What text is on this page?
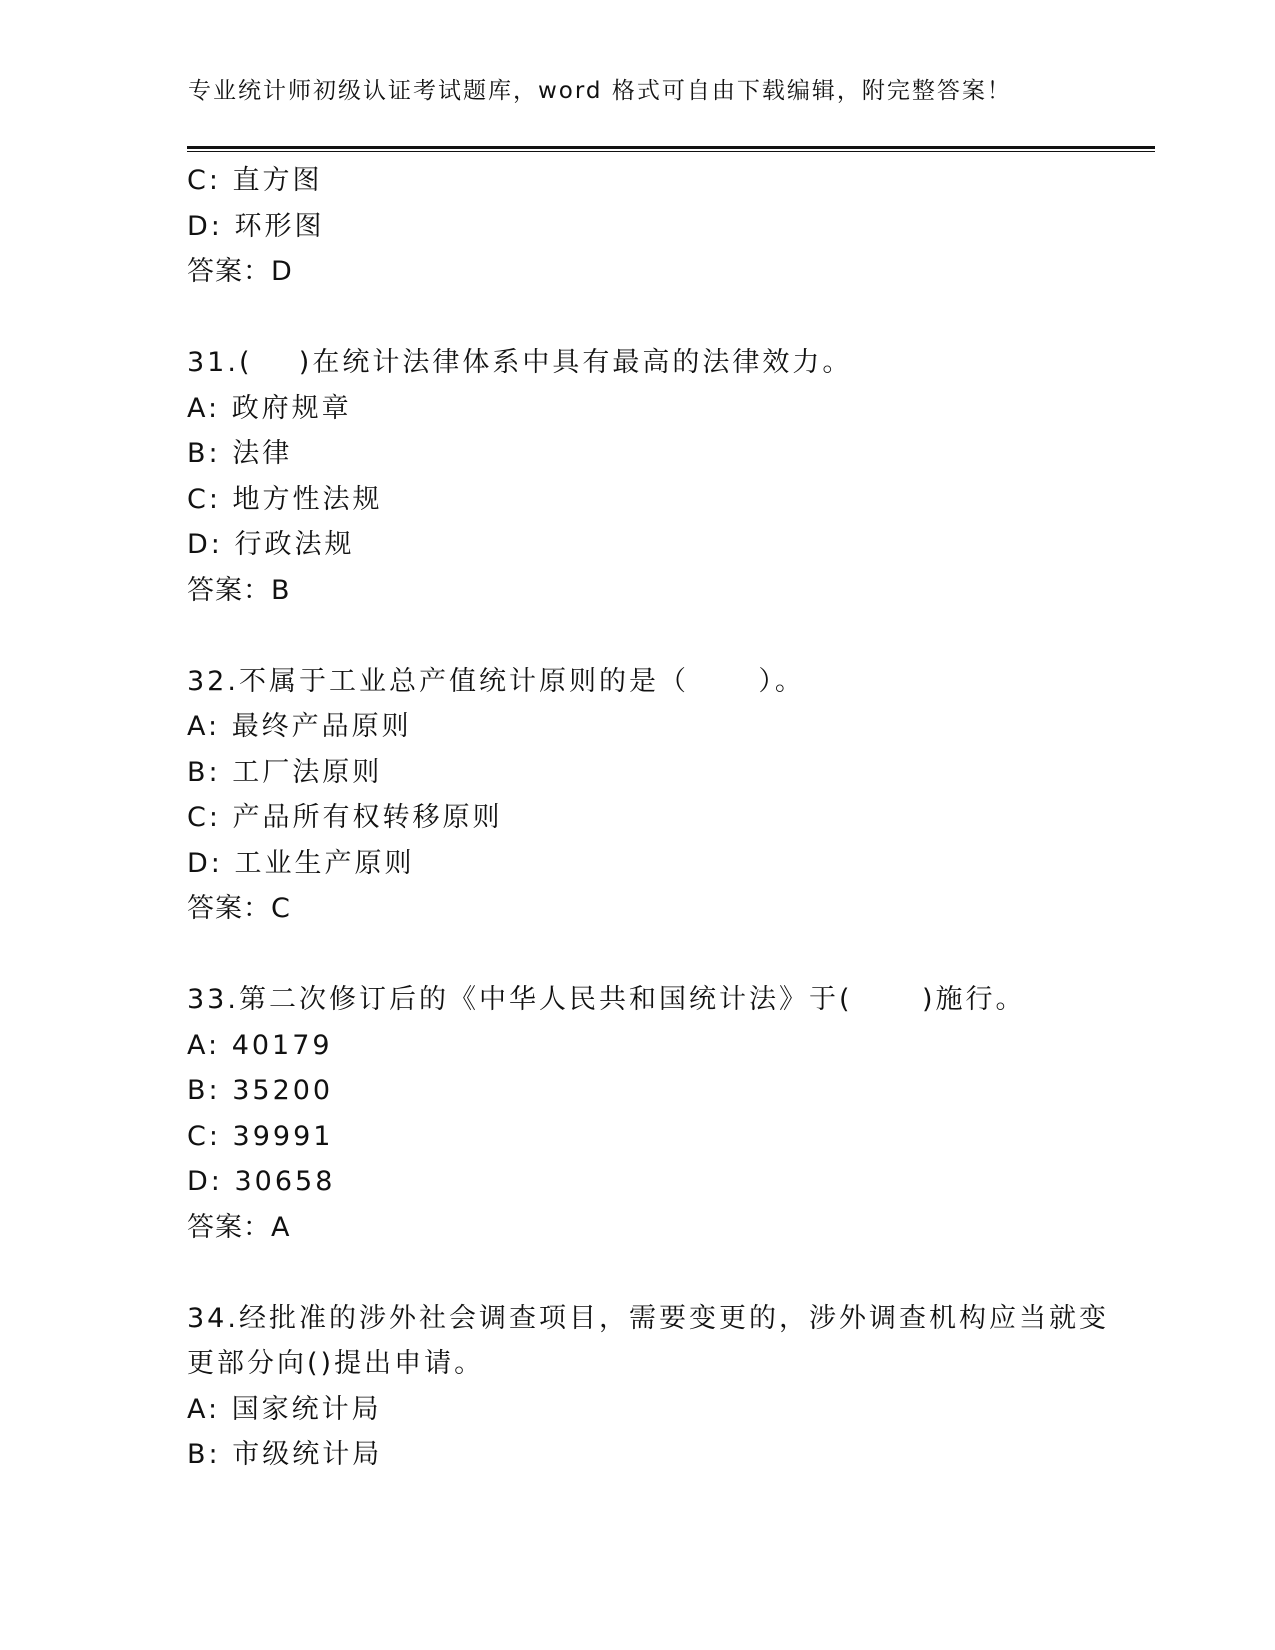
专业统计师初级认证考试题库，word 格式可自由下载编辑，附完整答案！
C: 直方图
D: 环形图
答案：D
31.(    )在统计法律体系中具有最高的法律效力。
A: 政府规章
B: 法律
C: 地方性法规
D: 行政法规
答案：B
32.不属于工业总产值统计原则的是（      ）。
A: 最终产品原则
B: 工厂法原则
C: 产品所有权转移原则
D: 工业生产原则
答案：C
33.第二次修订后的《中华人民共和国统计法》于(      )施行。
A: 40179
B: 35200
C: 39991
D: 30658
答案：A
34.经批准的涉外社会调查项目，需要变更的，涉外调查机构应当就变
更部分向()提出申请。
A: 国家统计局
B: 市级统计局
